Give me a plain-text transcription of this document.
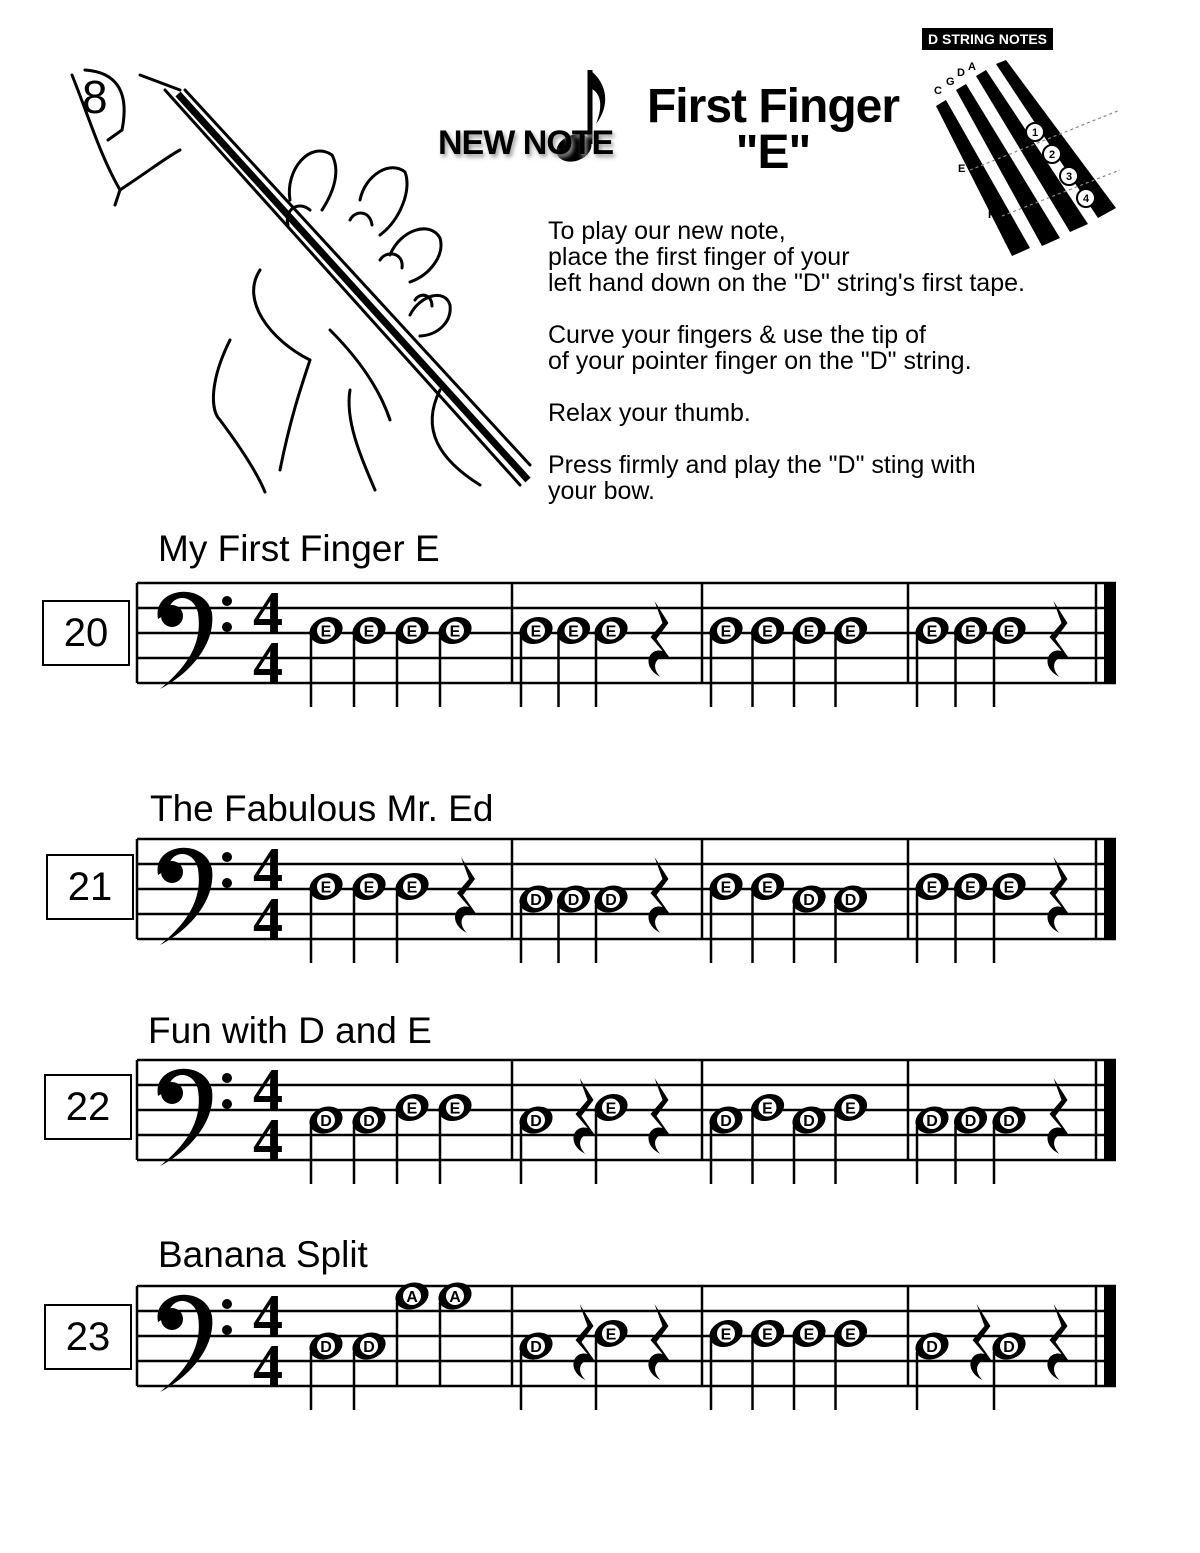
8
NEW NOTE
First Finger
"E"
D STRING NOTES
C
G
D A
E
F♯
G
1
2
3
4

To play our new note,
place the first finger of your
left hand down on the "D" string's first tape.

Curve your fingers & use the tip of
of your pointer finger on the "D" string.

Relax your thumb.

Press firmly and play the "D" sting with
your bow.

My First Finger E
20	4
4 E E E E	E E E	E E E E	E E E
The Fabulous Mr. Ed
21	4
4 E E E
D D D
E E
D D
E E E
Fun with D and E
22	4
4 D D
E E
D
E
D
E
D
E
D D D
Banana Split
23	4
4 D D
A A
D
E	E E E E
D	D
